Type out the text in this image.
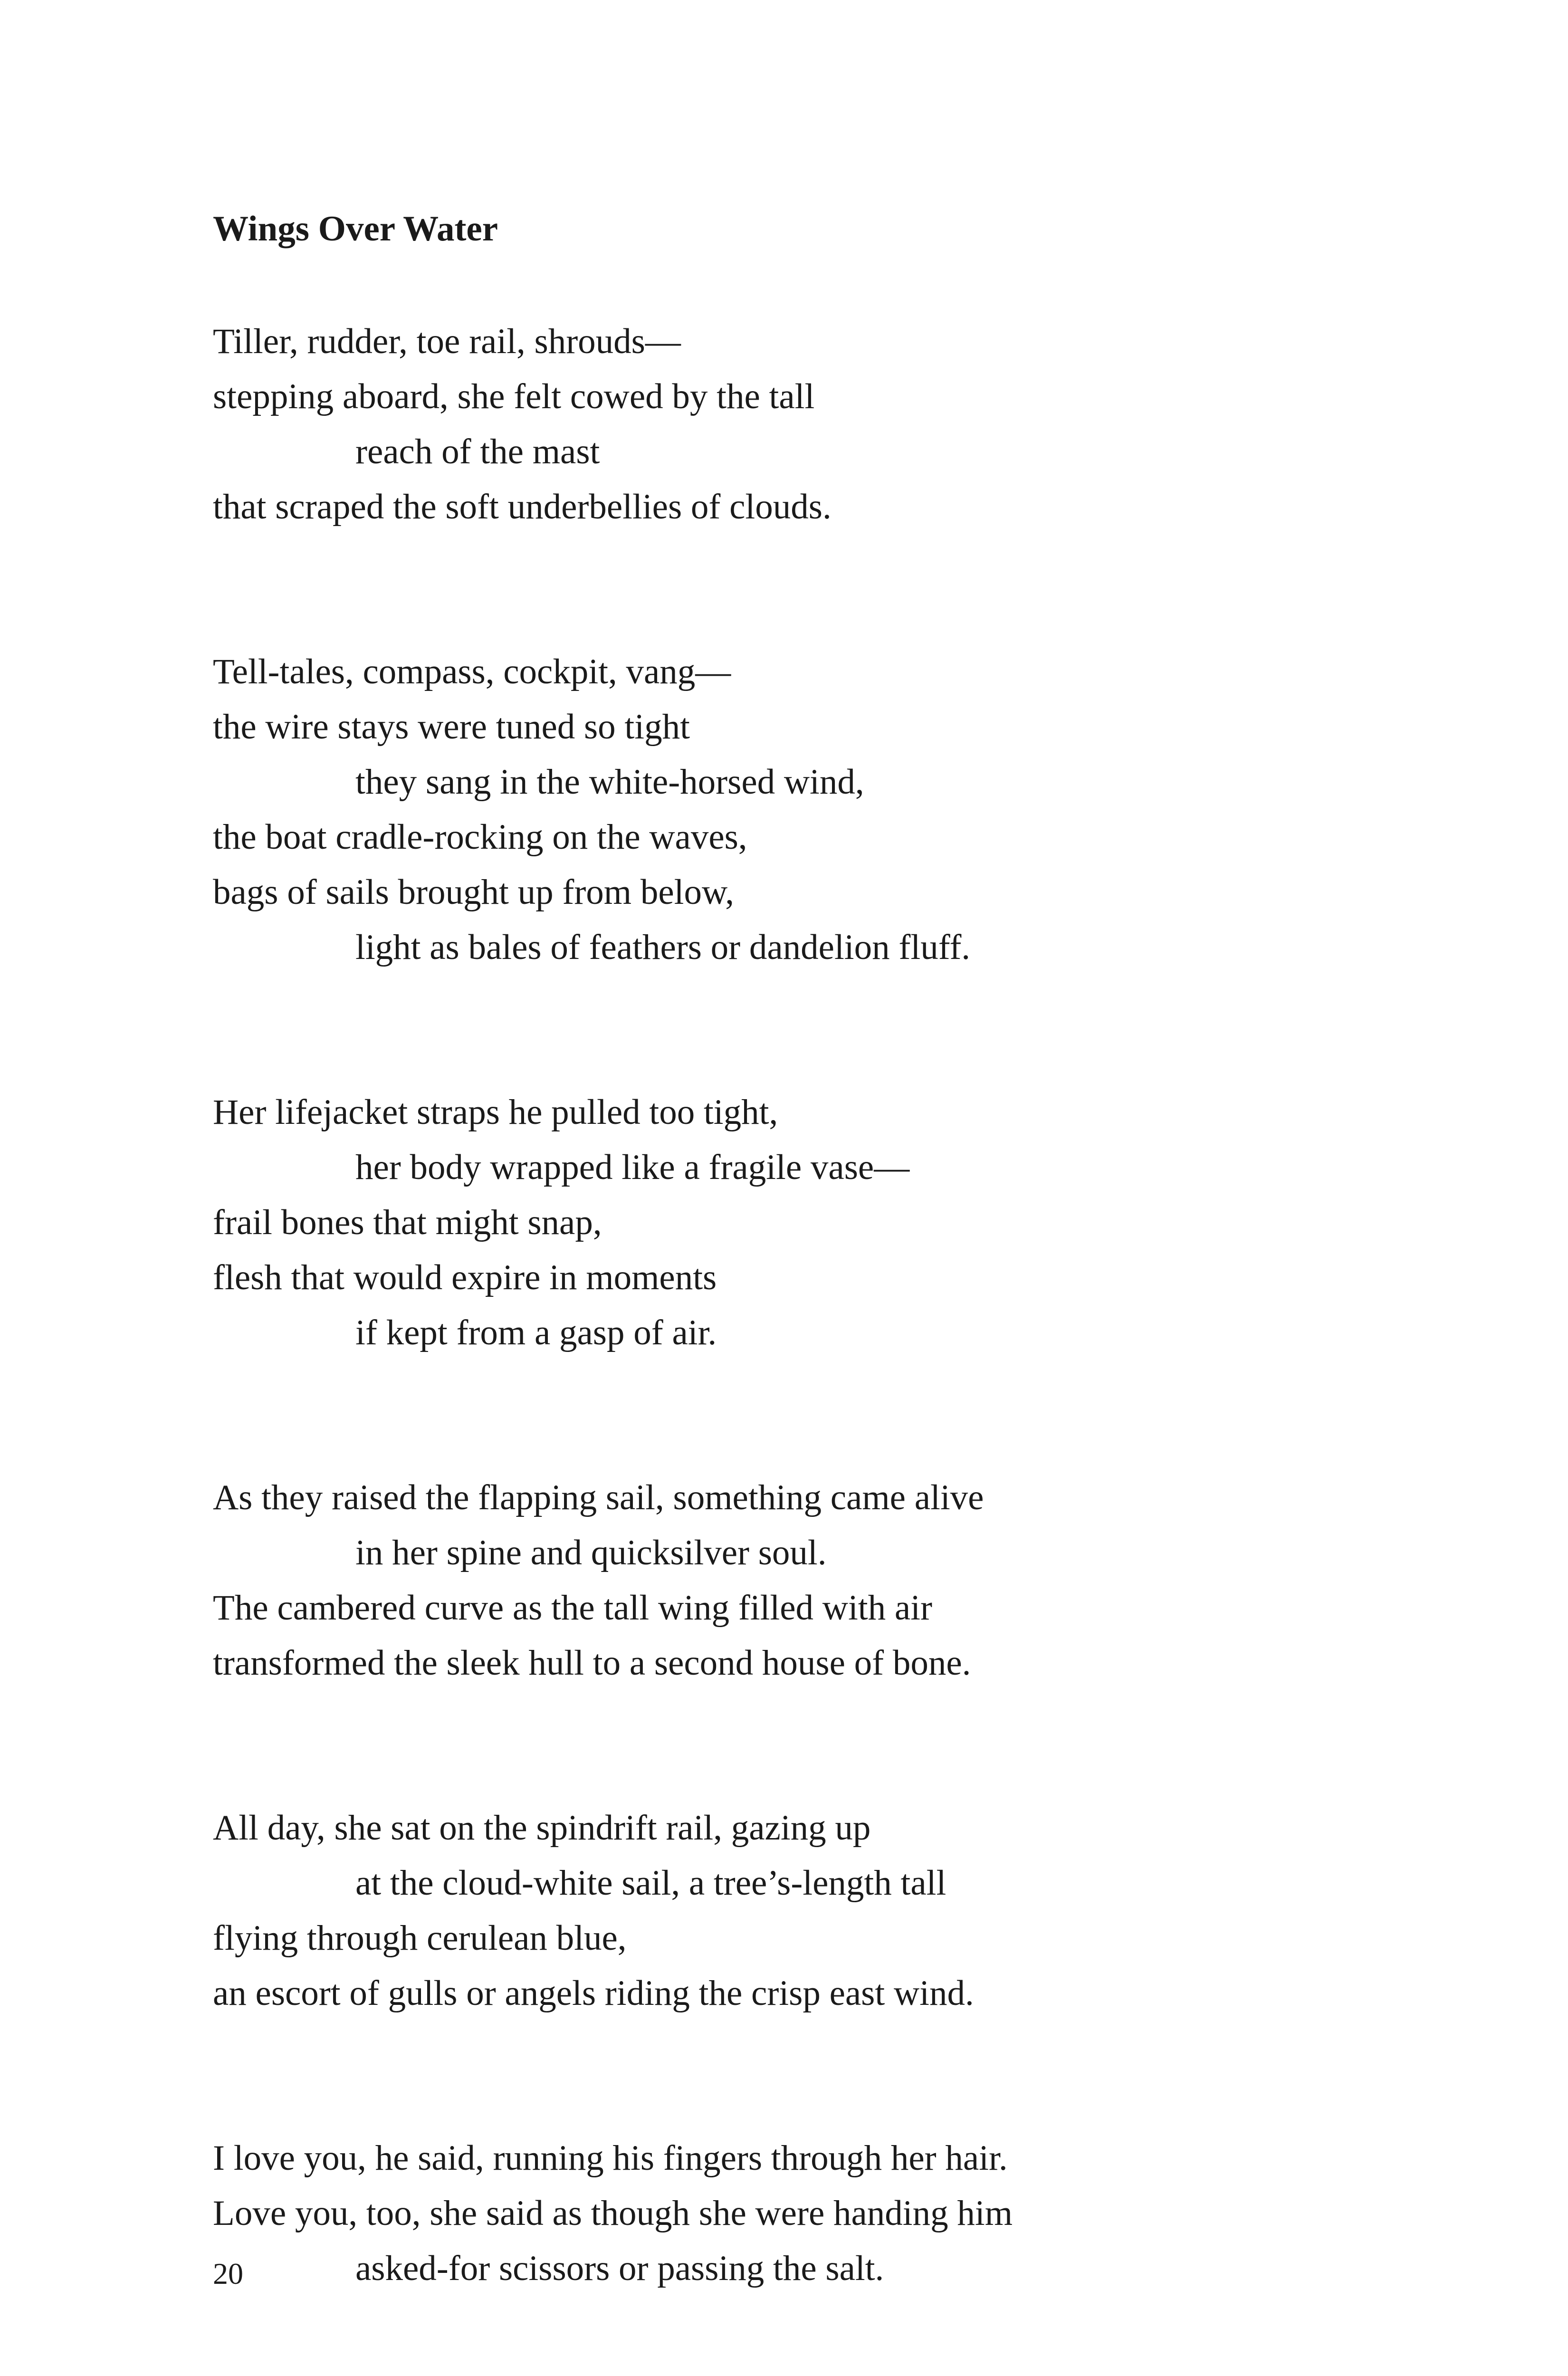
Wings Over Water
Tiller, rudder, toe rail, shrouds—
stepping aboard, she felt cowed by the tall
reach of the mast
that scraped the soft underbellies of clouds.
Tell-tales, compass, cockpit, vang—
the wire stays were tuned so tight
they sang in the white-horsed wind,
the boat cradle-rocking on the waves,
bags of sails brought up from below,
light as bales of feathers or dandelion fluff.
Her lifejacket straps he pulled too tight,
her body wrapped like a fragile vase—
frail bones that might snap,
flesh that would expire in moments
if kept from a gasp of air.
As they raised the flapping sail, something came alive
in her spine and quicksilver soul.
The cambered curve as the tall wing filled with air
transformed the sleek hull to a second house of bone.
All day, she sat on the spindrift rail, gazing up
at the cloud-white sail, a tree’s-length tall
flying through cerulean blue,
an escort of gulls or angels riding the crisp east wind.
I love you, he said, running his fingers through her hair.
Love you, too, she said as though she were handing him
asked-for scissors or passing the salt.
20
